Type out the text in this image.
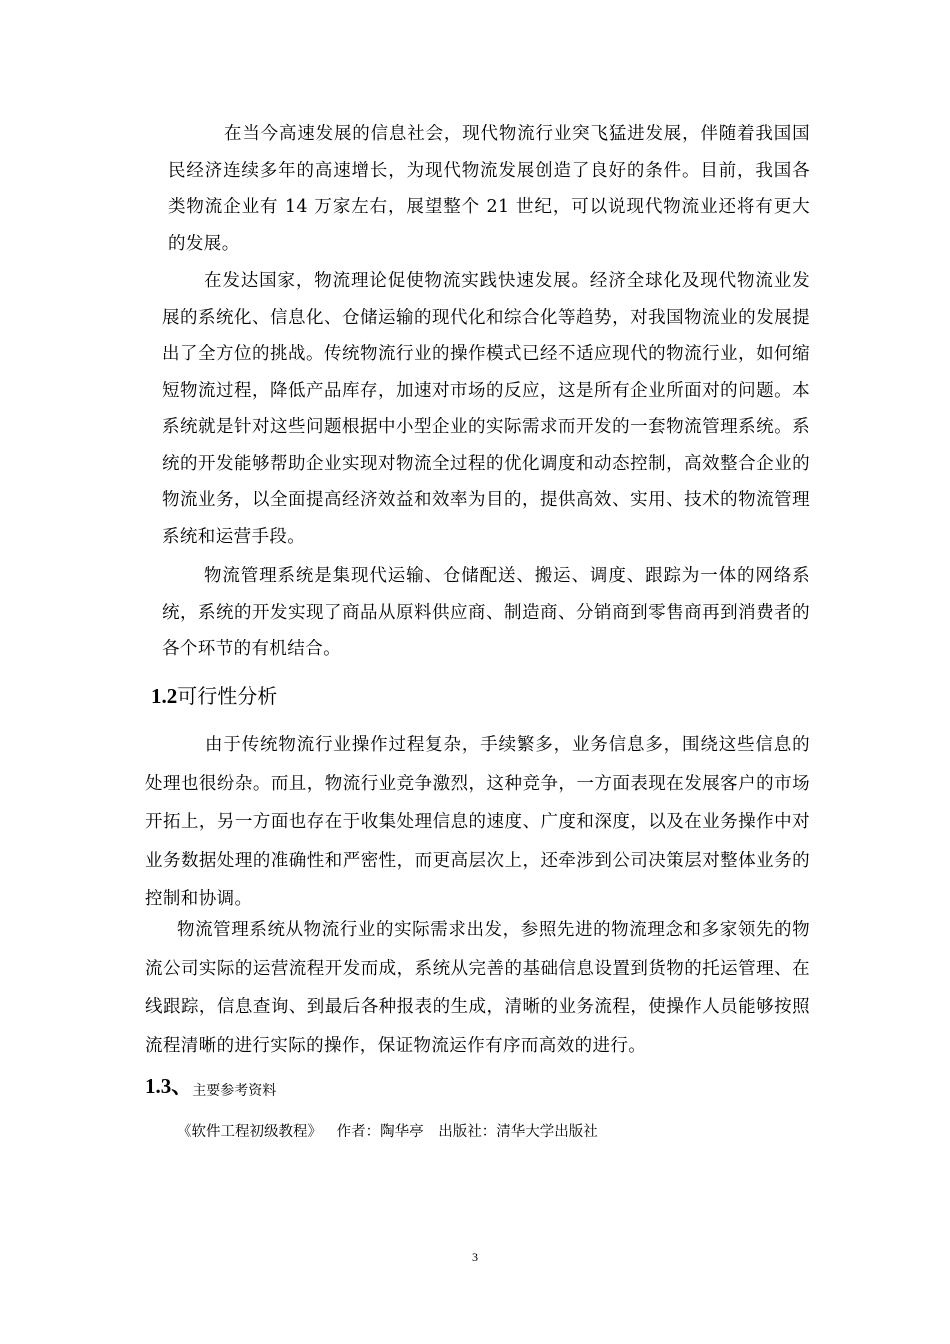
在当今高速发展的信息社会，现代物流行业突飞猛进发展，伴随着我国国民经济连续多年的高速增长，为现代物流发展创造了良好的条件。目前，我国各类物流企业有 14 万家左右，展望整个 21 世纪，可以说现代物流业还将有更大的发展。

在发达国家，物流理论促使物流实践快速发展。经济全球化及现代物流业发展的系统化、信息化、仓储运输的现代化和综合化等趋势，对我国物流业的发展提出了全方位的挑战。传统物流行业的操作模式已经不适应现代的物流行业，如何缩短物流过程，降低产品库存，加速对市场的反应，这是所有企业所面对的问题。本系统就是针对这些问题根据中小型企业的实际需求而开发的一套物流管理系统。系统的开发能够帮助企业实现对物流全过程的优化调度和动态控制，高效整合企业的物流业务，以全面提高经济效益和效率为目的，提供高效、实用、技术的物流管理系统和运营手段。

物流管理系统是集现代运输、仓储配送、搬运、调度、跟踪为一体的网络系统，系统的开发实现了商品从原料供应商、制造商、分销商到零售商再到消费者的各个环节的有机结合。

1.2可行性分析

由于传统物流行业操作过程复杂，手续繁多，业务信息多，围绕这些信息的处理也很纷杂。而且，物流行业竞争激烈，这种竞争，一方面表现在发展客户的市场开拓上，另一方面也存在于收集处理信息的速度、广度和深度，以及在业务操作中对业务数据处理的准确性和严密性，而更高层次上，还牵涉到公司决策层对整体业务的控制和协调。

物流管理系统从物流行业的实际需求出发，参照先进的物流理念和多家领先的物流公司实际的运营流程开发而成，系统从完善的基础信息设置到货物的托运管理、在线跟踪，信息查询、到最后各种报表的生成，清晰的业务流程，使操作人员能够按照流程清晰的进行实际的操作，保证物流运作有序而高效的进行。

1.3、主要参考资料

《软件工程初级教程》 作者：陶华亭 出版社：清华大学出版社

3
